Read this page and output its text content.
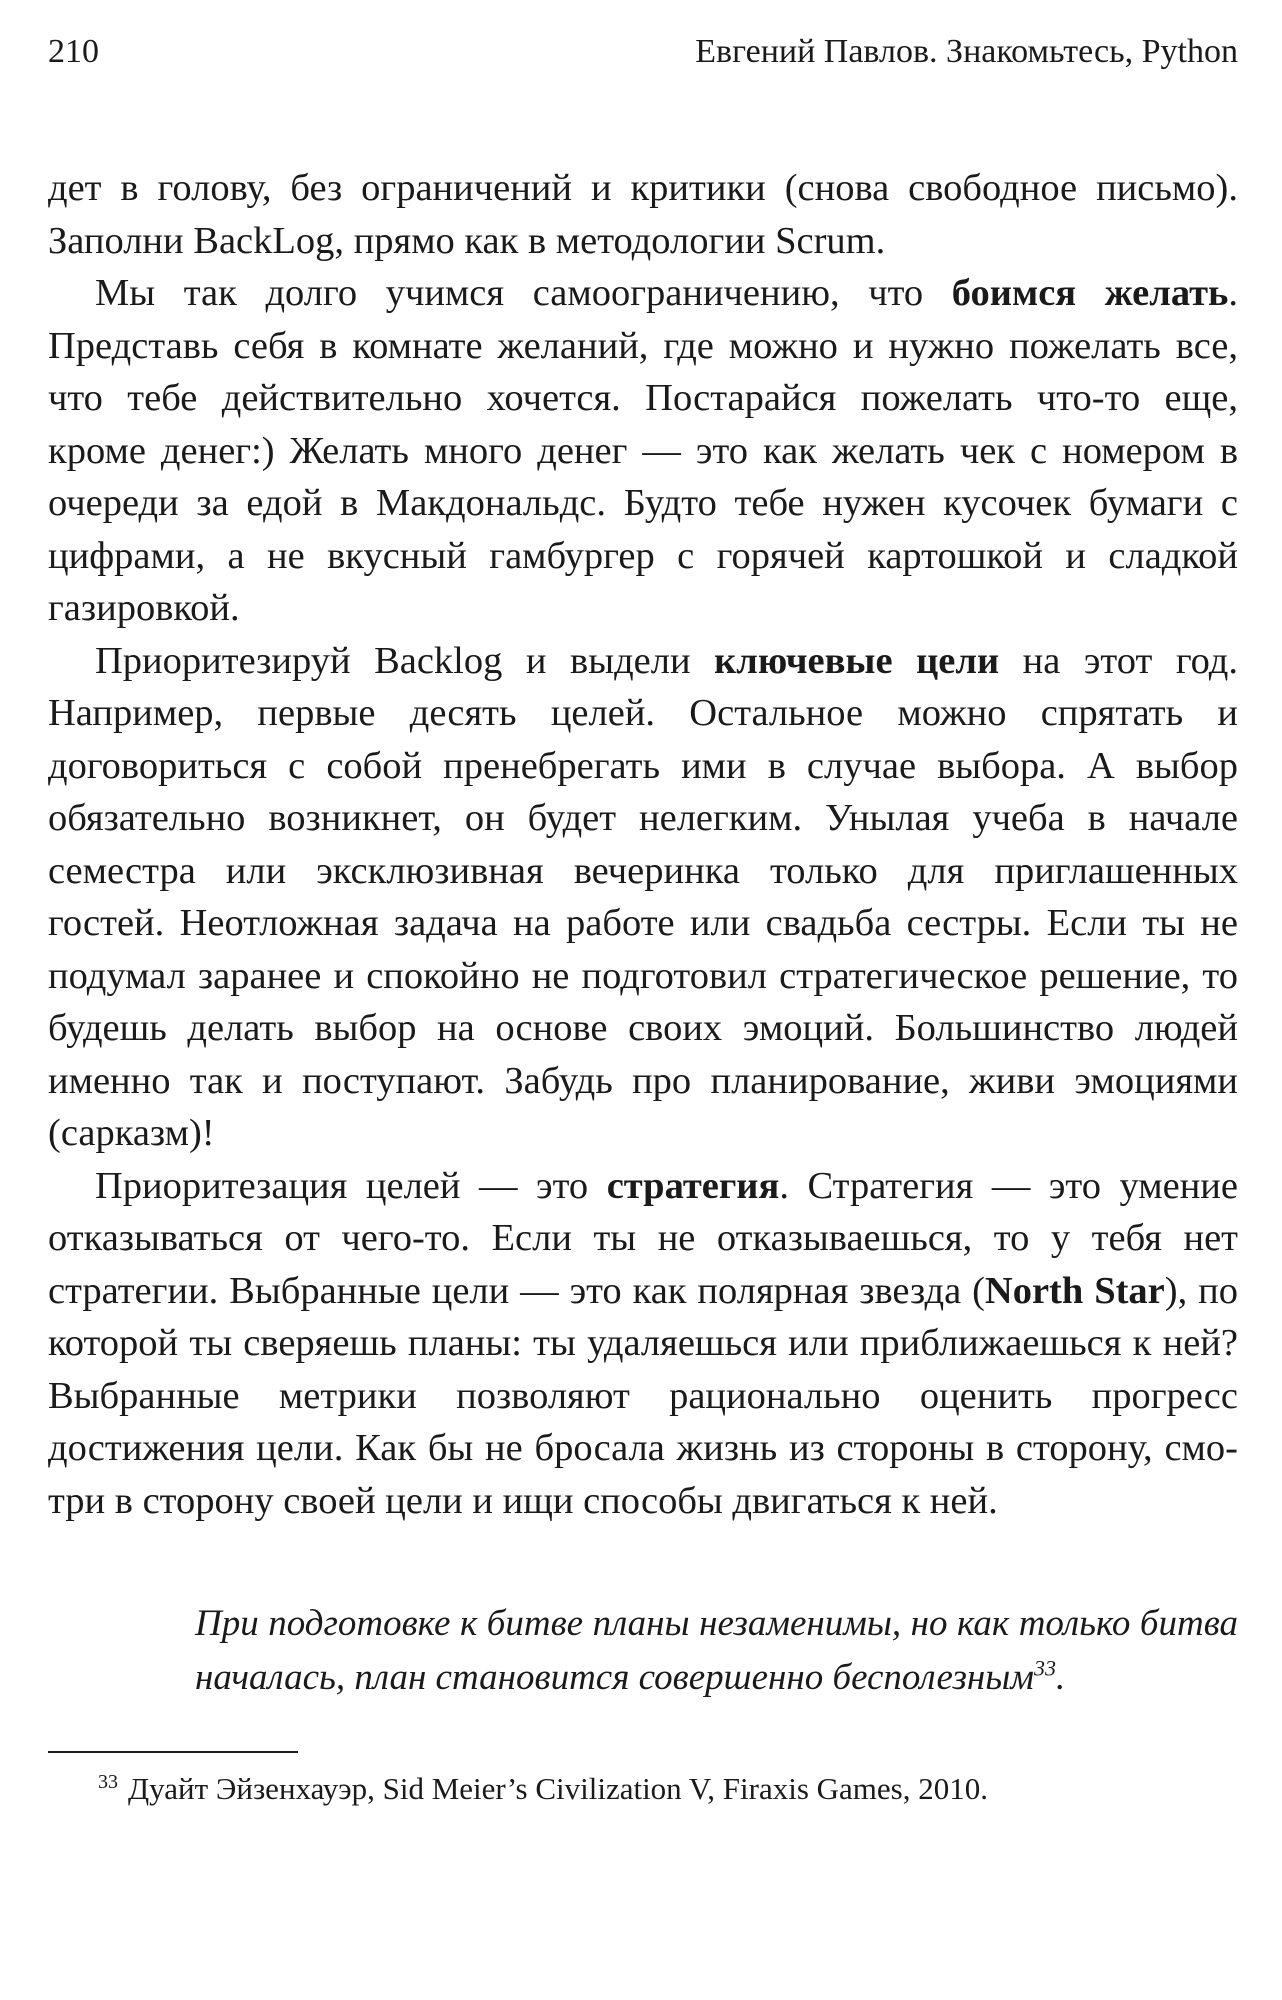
210	Евгений Павлов. Знакомьтесь, Python

дет в голову, без ограничений и критики (снова свободное письмо). Заполни BackLog, прямо как в методологии Scrum.

Мы так долго учимся самоограничению, что боимся желать. Представь себя в комнате желаний, где можно и нужно пожелать все, что тебе действительно хочется. Постарайся пожелать что-то еще, кроме денег:) Желать много денег — это как желать чек с номером в очереди за едой в Макдональдс. Будто тебе нужен кусочек бумаги с цифрами, а не вкусный гамбургер с горячей картошкой и сладкой газировкой.

Приоритезируй Backlog и выдели ключевые цели на этот год. Например, первые десять целей. Остальное можно спрятать и договориться с собой пренебрегать ими в случае выбора. А выбор обязательно возникнет, он будет нелегким. Унылая учеба в начале семестра или эксклюзивная вечеринка только для приглашенных гостей. Неотложная задача на работе или свадьба сестры. Если ты не подумал заранее и спокойно не подготовил стратегическое решение, то будешь делать выбор на основе своих эмоций. Большинство людей именно так и поступают. Забудь про планирование, живи эмоциями (сарказм)!

Приоритезация целей — это стратегия. Стратегия — это умение отказываться от чего-то. Если ты не отказываешься, то у тебя нет стратегии. Выбранные цели — это как полярная звезда (North Star), по которой ты сверяешь планы: ты удаляешься или приближаешься к ней? Выбранные метрики позволяют рационально оценить прогресс достижения цели. Как бы не бросала жизнь из стороны в сторону, смотри в сторону своей цели и ищи способы двигаться к ней.

При подготовке к битве планы незаменимы, но как только битва началась, план становится совершенно бесполезным$^{33}$.
$^{33}$ Дуайт Эйзенхауэр, Sid Meier’s Civilization V, Firaxis Games, 2010.
